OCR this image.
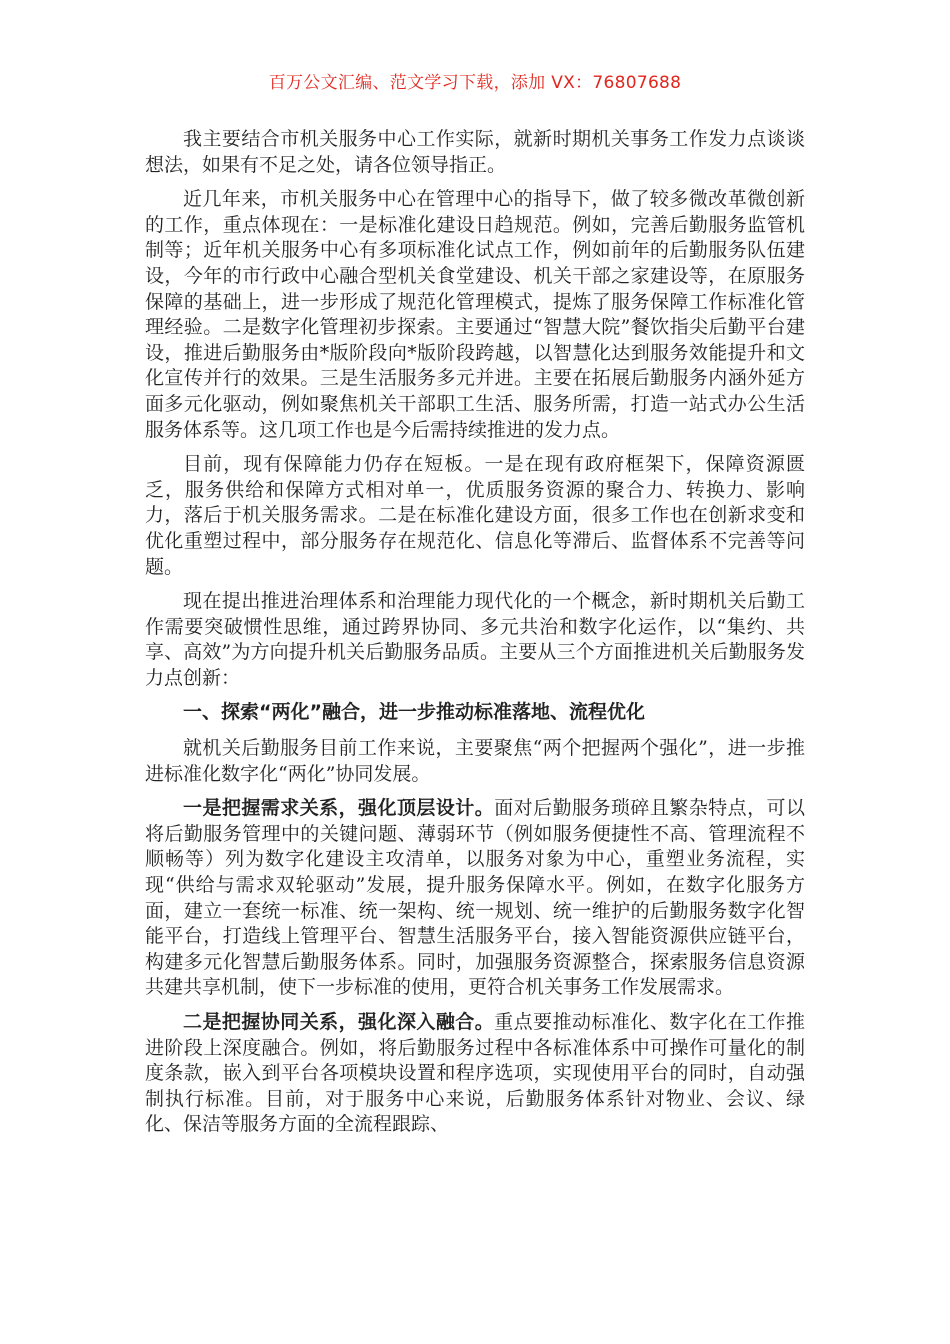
百万公文汇编、范文学习下载，添加 VX：76807688

我主要结合市机关服务中心工作实际，就新时期机关事务工作发力点谈谈想法，如果有不足之处，请各位领导指正。

近几年来，市机关服务中心在管理中心的指导下，做了较多微改革微创新的工作，重点体现在：一是标准化建设日趋规范。例如，完善后勤服务监管机制等；近年机关服务中心有多项标准化试点工作，例如前年的后勤服务队伍建设，今年的市行政中心融合型机关食堂建设、机关干部之家建设等，在原服务保障的基础上，进一步形成了规范化管理模式，提炼了服务保障工作标准化管理经验。二是数字化管理初步探索。主要通过“智慧大院”餐饮指尖后勤平台建设，推进后勤服务由*版阶段向*版阶段跨越，以智慧化达到服务效能提升和文化宣传并行的效果。三是生活服务多元并进。主要在拓展后勤服务内涵外延方面多元化驱动，例如聚焦机关干部职工生活、服务所需，打造一站式办公生活服务体系等。这几项工作也是今后需持续推进的发力点。

目前，现有保障能力仍存在短板。一是在现有政府框架下，保障资源匮乏，服务供给和保障方式相对单一，优质服务资源的聚合力、转换力、影响力，落后于机关服务需求。二是在标准化建设方面，很多工作也在创新求变和优化重塑过程中，部分服务存在规范化、信息化等滞后、监督体系不完善等问题。

现在提出推进治理体系和治理能力现代化的一个概念，新时期机关后勤工作需要突破惯性思维，通过跨界协同、多元共治和数字化运作，以“集约、共享、高效”为方向提升机关后勤服务品质。主要从三个方面推进机关后勤服务发力点创新：

一、探索“两化”融合，进一步推动标准落地、流程优化

就机关后勤服务目前工作来说，主要聚焦“两个把握两个强化”，进一步推进标准化数字化“两化”协同发展。

一是把握需求关系，强化顶层设计。面对后勤服务琐碎且繁杂特点，可以将后勤服务管理中的关键问题、薄弱环节（例如服务便捷性不高、管理流程不顺畅等）列为数字化建设主攻清单，以服务对象为中心，重塑业务流程，实现“供给与需求双轮驱动”发展，提升服务保障水平。例如，在数字化服务方面，建立一套统一标准、统一架构、统一规划、统一维护的后勤服务数字化智能平台，打造线上管理平台、智慧生活服务平台，接入智能资源供应链平台，构建多元化智慧后勤服务体系。同时，加强服务资源整合，探索服务信息资源共建共享机制，使下一步标准的使用，更符合机关事务工作发展需求。

二是把握协同关系，强化深入融合。重点要推动标准化、数字化在工作推进阶段上深度融合。例如，将后勤服务过程中各标准体系中可操作可量化的制度条款，嵌入到平台各项模块设置和程序选项，实现使用平台的同时，自动强制执行标准。目前，对于服务中心来说，后勤服务体系针对物业、会议、绿化、保洁等服务方面的全流程跟踪、
